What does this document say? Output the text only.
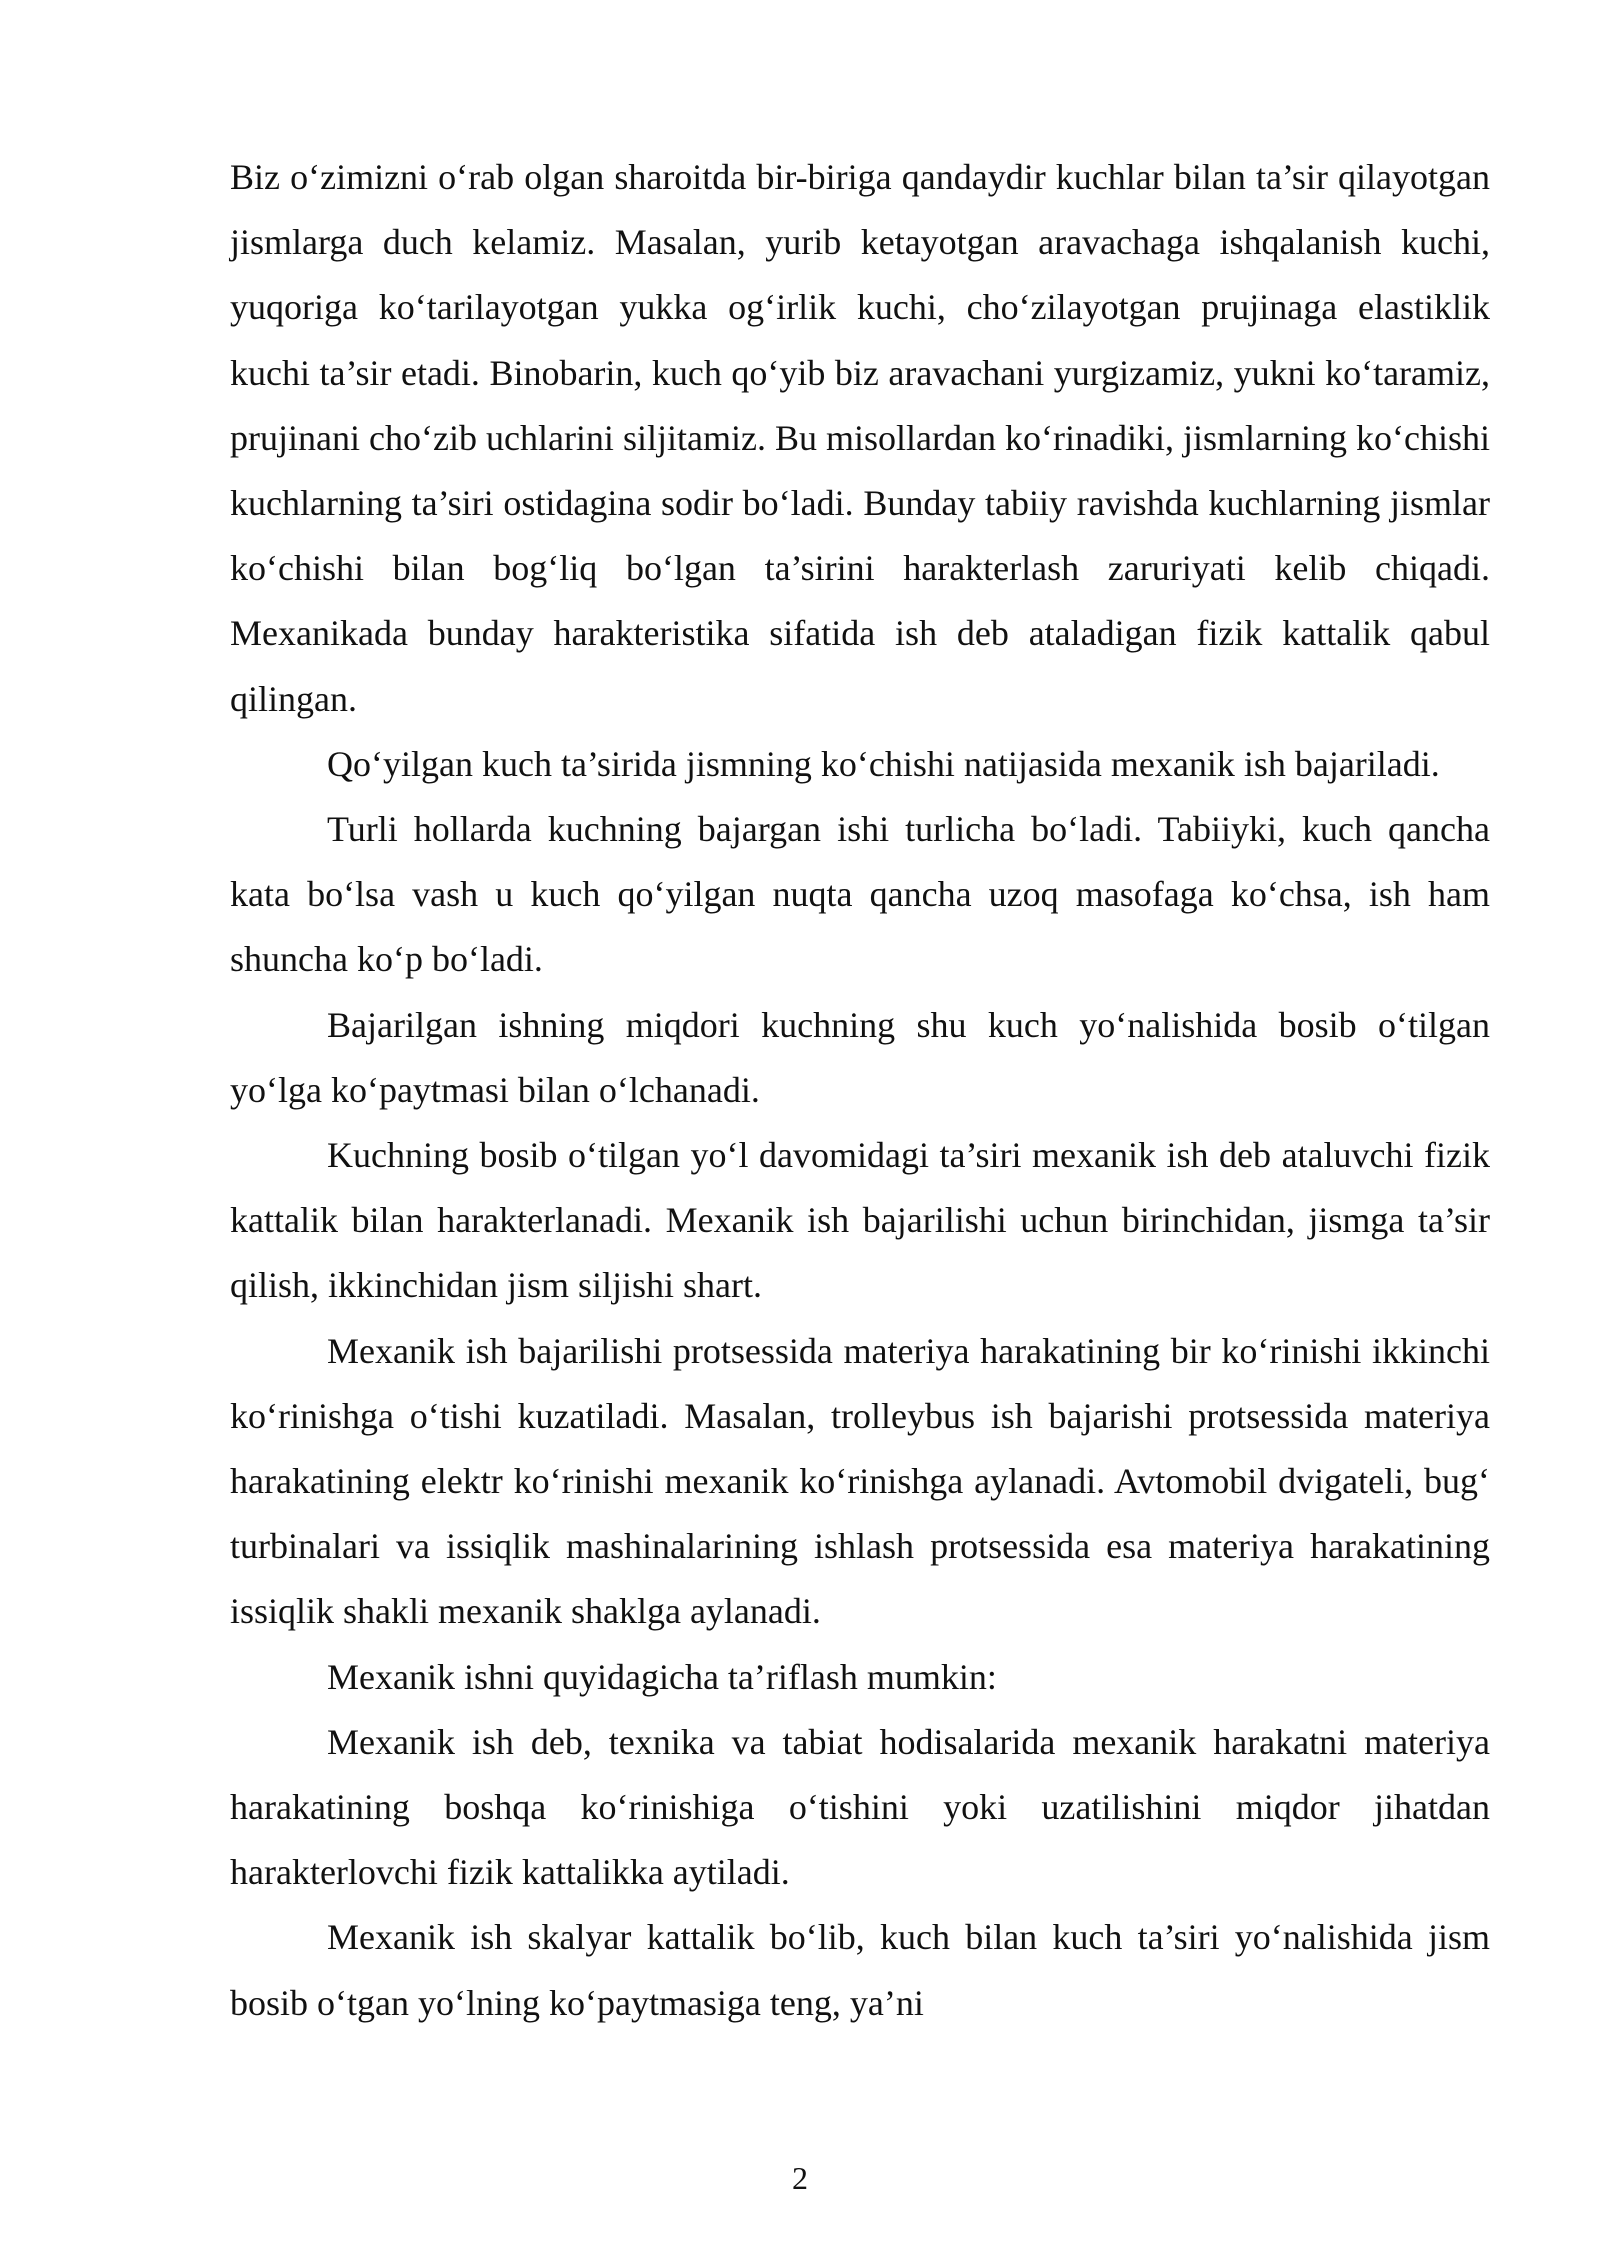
Biz o‘zimizni o‘rab olgan sharoitda bir-biriga qandaydir kuchlar bilan ta’sir qilayotgan jismlarga duch kelamiz. Masalan, yurib ketayotgan aravachaga ishqalanish kuchi, yuqoriga ko‘tarilayotgan yukka og‘irlik kuchi, cho‘zilayotgan prujinaga elastiklik kuchi ta’sir etadi. Binobarin, kuch qo‘yib biz aravachani yurgizamiz, yukni ko‘taramiz, prujinani cho‘zib uchlarini siljitamiz. Bu misollardan ko‘rinadiki, jismlarning ko‘chishi kuchlarning ta’siri ostidagina sodir bo‘ladi. Bunday tabiiy ravishda kuchlarning jismlar ko‘chishi bilan bog‘liq bo‘lgan ta’sirini harakterlash zaruriyati kelib chiqadi. Mexanikada bunday harakteristika sifatida ish deb ataladigan fizik kattalik qabul qilingan.

Qo‘yilgan kuch ta’sirida jismning ko‘chishi natijasida mexanik ish bajariladi.

Turli hollarda kuchning bajargan ishi turlicha bo‘ladi. Tabiiyki, kuch qancha kata bo‘lsa vash u kuch qo‘yilgan nuqta qancha uzoq masofaga ko‘chsa, ish ham shuncha ko‘p bo‘ladi.

Bajarilgan ishning miqdori kuchning shu kuch yo‘nalishida bosib o‘tilgan yo‘lga ko‘paytmasi bilan o‘lchanadi.

Kuchning bosib o‘tilgan yo‘l davomidagi ta’siri mexanik ish deb ataluvchi fizik kattalik bilan harakterlanadi. Mexanik ish bajarilishi uchun birinchidan, jismga ta’sir qilish, ikkinchidan jism siljishi shart.

Mexanik ish bajarilishi protsessida materiya harakatining bir ko‘rinishi ikkinchi ko‘rinishga o‘tishi kuzatiladi. Masalan, trolleybus ish bajarishi protsessida materiya harakatining elektr ko‘rinishi mexanik ko‘rinishga aylanadi. Avtomobil dvigateli, bug‘ turbinalari va issiqlik mashinalarining ishlash protsessida esa materiya harakatining issiqlik shakli mexanik shaklga aylanadi.

Mexanik ishni quyidagicha ta’riflash mumkin:

Mexanik ish deb, texnika va tabiat hodisalarida mexanik harakatni materiya harakatining boshqa ko‘rinishiga o‘tishini yoki uzatilishini miqdor jihatdan harakterlovchi fizik kattalikka aytiladi.

Mexanik ish skalyar kattalik bo‘lib, kuch bilan kuch ta’siri yo‘nalishida jism bosib o‘tgan yo‘lning ko‘paytmasiga teng, ya’ni

2
